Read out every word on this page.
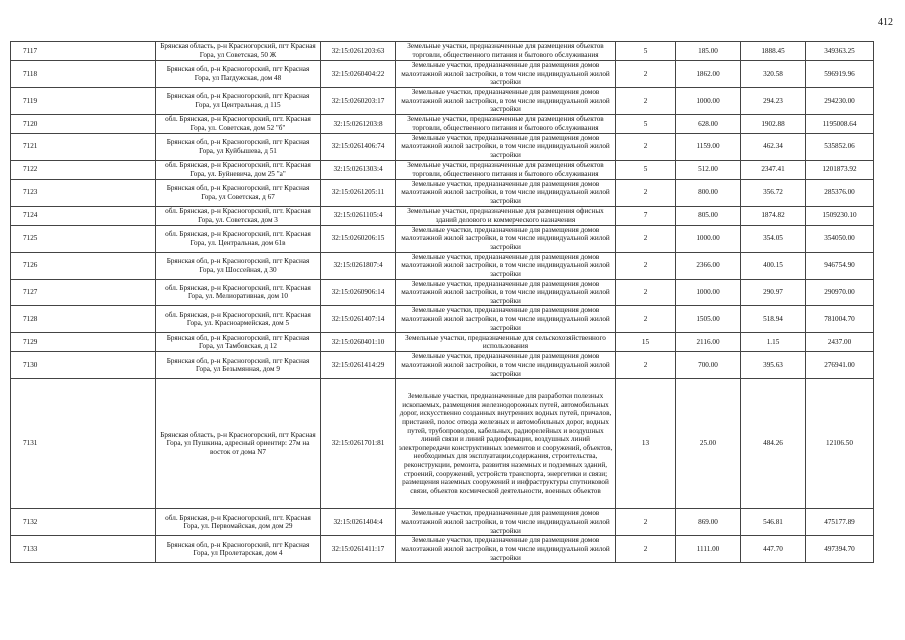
412
7117	Брянская область, р-н Красногорский, пгт Красная Гора, ул Советская, 50 Ж	32:15:0261203:63	Земельные участки, предназначенные для размещения объектов торговли, общественного питания и бытового обслуживания	5	185.00	1888.45	349363.25
7118	Брянская обл, р-н Красногорский, пгт Красная Гора, ул Пагдужская, дом 48	32:15:0260404:22	Земельные участки, предназначенные для размещения домов малоэтажной жилой застройки, в том числе индивидуальной жилой застройки	2	1862.00	320.58	596919.96
7119	Брянская обл, р-н Красногорский, пгт Красная Гора, ул Центральная, д 115	32:15:0260203:17	Земельные участки, предназначенные для размещения домов малоэтажной жилой застройки, в том числе индивидуальной жилой застройки	2	1000.00	294.23	294230.00
7120	обл. Брянская, р-н Красногорский, пгт. Красная Гора, ул. Советская, дом 52 "б"	32:15:0261203:8	Земельные участки, предназначенные для размещения объектов торговли, общественного питания и бытового обслуживания	5	628.00	1902.88	1195008.64
7121	Брянская обл, р-н Красногорский, пгт Красная Гора, ул Куйбышева, д 51	32:15:0261406:74	Земельные участки, предназначенные для размещения домов малоэтажной жилой застройки, в том числе индивидуальной жилой застройки	2	1159.00	462.34	535852.06
7122	обл. Брянская, р-н Красногорский, пгт. Красная Гора, ул. Буйневича, дом 25 "а"	32:15:0261303:4	Земельные участки, предназначенные для размещения объектов торговли, общественного питания и бытового обслуживания	5	512.00	2347.41	1201873.92
7123	Брянская обл, р-н Красногорский, пгт Красная Гора, ул Советская, д 67	32:15:0261205:11	Земельные участки, предназначенные для размещения домов малоэтажной жилой застройки, в том числе индивидуальной жилой застройки	2	800.00	356.72	285376.00
7124	обл. Брянская, р-н Красногорский, пгт. Красная Гора, ул. Советская, дом 3	32:15:0261105:4	Земельные участки, предназначенные для размещения офисных зданий делового и коммерческого назначения	7	805.00	1874.82	1509230.10
7125	обл. Брянская, р-н Красногорский, пгт. Красная Гора, ул. Центральная, дом 61в	32:15:0260206:15	Земельные участки, предназначенные для размещения домов малоэтажной жилой застройки, в том числе индивидуальной жилой застройки	2	1000.00	354.05	354050.00
7126	Брянская обл, р-н Красногорский, пгт Красная Гора, ул Шоссейная, д 30	32:15:0261807:4	Земельные участки, предназначенные для размещения домов малоэтажной жилой застройки, в том числе индивидуальной жилой застройки	2	2366.00	400.15	946754.90
7127	обл. Брянская, р-н Красногорский, пгт. Красная Гора, ул. Мелиоративная, дом 10	32:15:0260906:14	Земельные участки, предназначенные для размещения домов малоэтажной жилой застройки, в том числе индивидуальной жилой застройки	2	1000.00	290.97	290970.00
7128	обл. Брянская, р-н Красногорский, пгт. Красная Гора, ул. Красноармейская, дом 5	32:15:0261407:14	Земельные участки, предназначенные для размещения домов малоэтажной жилой застройки, в том числе индивидуальной жилой застройки	2	1505.00	518.94	781004.70
7129	Брянская обл, р-н Красногорский, пгт Красная Гора, ул Тамбовская, д 12	32:15:0260401:10	Земельные участки, предназначенные для сельскохозяйственного использования	15	2116.00	1.15	2437.00
7130	Брянская обл, р-н Красногорский, пгт Красная Гора, ул Безымянная, дом 9	32:15:0261414:29	Земельные участки, предназначенные для размещения домов малоэтажной жилой застройки, в том числе индивидуальной жилой застройки	2	700.00	395.63	276941.00
7131	Брянская область, р-н Красногорский, пгт Красная Гора, ул Пушкина, адресный ориентир: 27м на восток от дома N7	32:15:0261701:81	Земельные участки, предназначенные для разработки полезных ископаемых, размещения железнодорожных путей, автомобильных дорог, искусственно созданных внутренних водных путей, причалов, пристаней, полос отвода железных и автомобильных дорог, водных путей, трубопроводов, кабельных, радиорелейных и воздушных линий связи и линий радиофикации, воздушных линий электропередачи конструктивных элементов и сооружений, объектов, необходимых для эксплуатации,содержания, строительства, реконструкции, ремонта, развития наземных и подземных зданий, строений, сооружений, устройств транспорта, энергетики и связи; размещения наземных сооружений и инфраструктуры спутниковой связи, объектов космической деятельности, военных объектов	13	25.00	484.26	12106.50
7132	обл. Брянская, р-н Красногорский, пгт. Красная Гора, ул. Первомайская, дом дом 29	32:15:0261404:4	Земельные участки, предназначенные для размещения домов малоэтажной жилой застройки, в том числе индивидуальной жилой застройки	2	869.00	546.81	475177.89
7133	Брянская обл, р-н Красногорский, пгт Красная Гора, ул Пролетарская, дом 4	32:15:0261411:17	Земельные участки, предназначенные для размещения домов малоэтажной жилой застройки, в том числе индивидуальной жилой застройки	2	1111.00	447.70	497394.70
